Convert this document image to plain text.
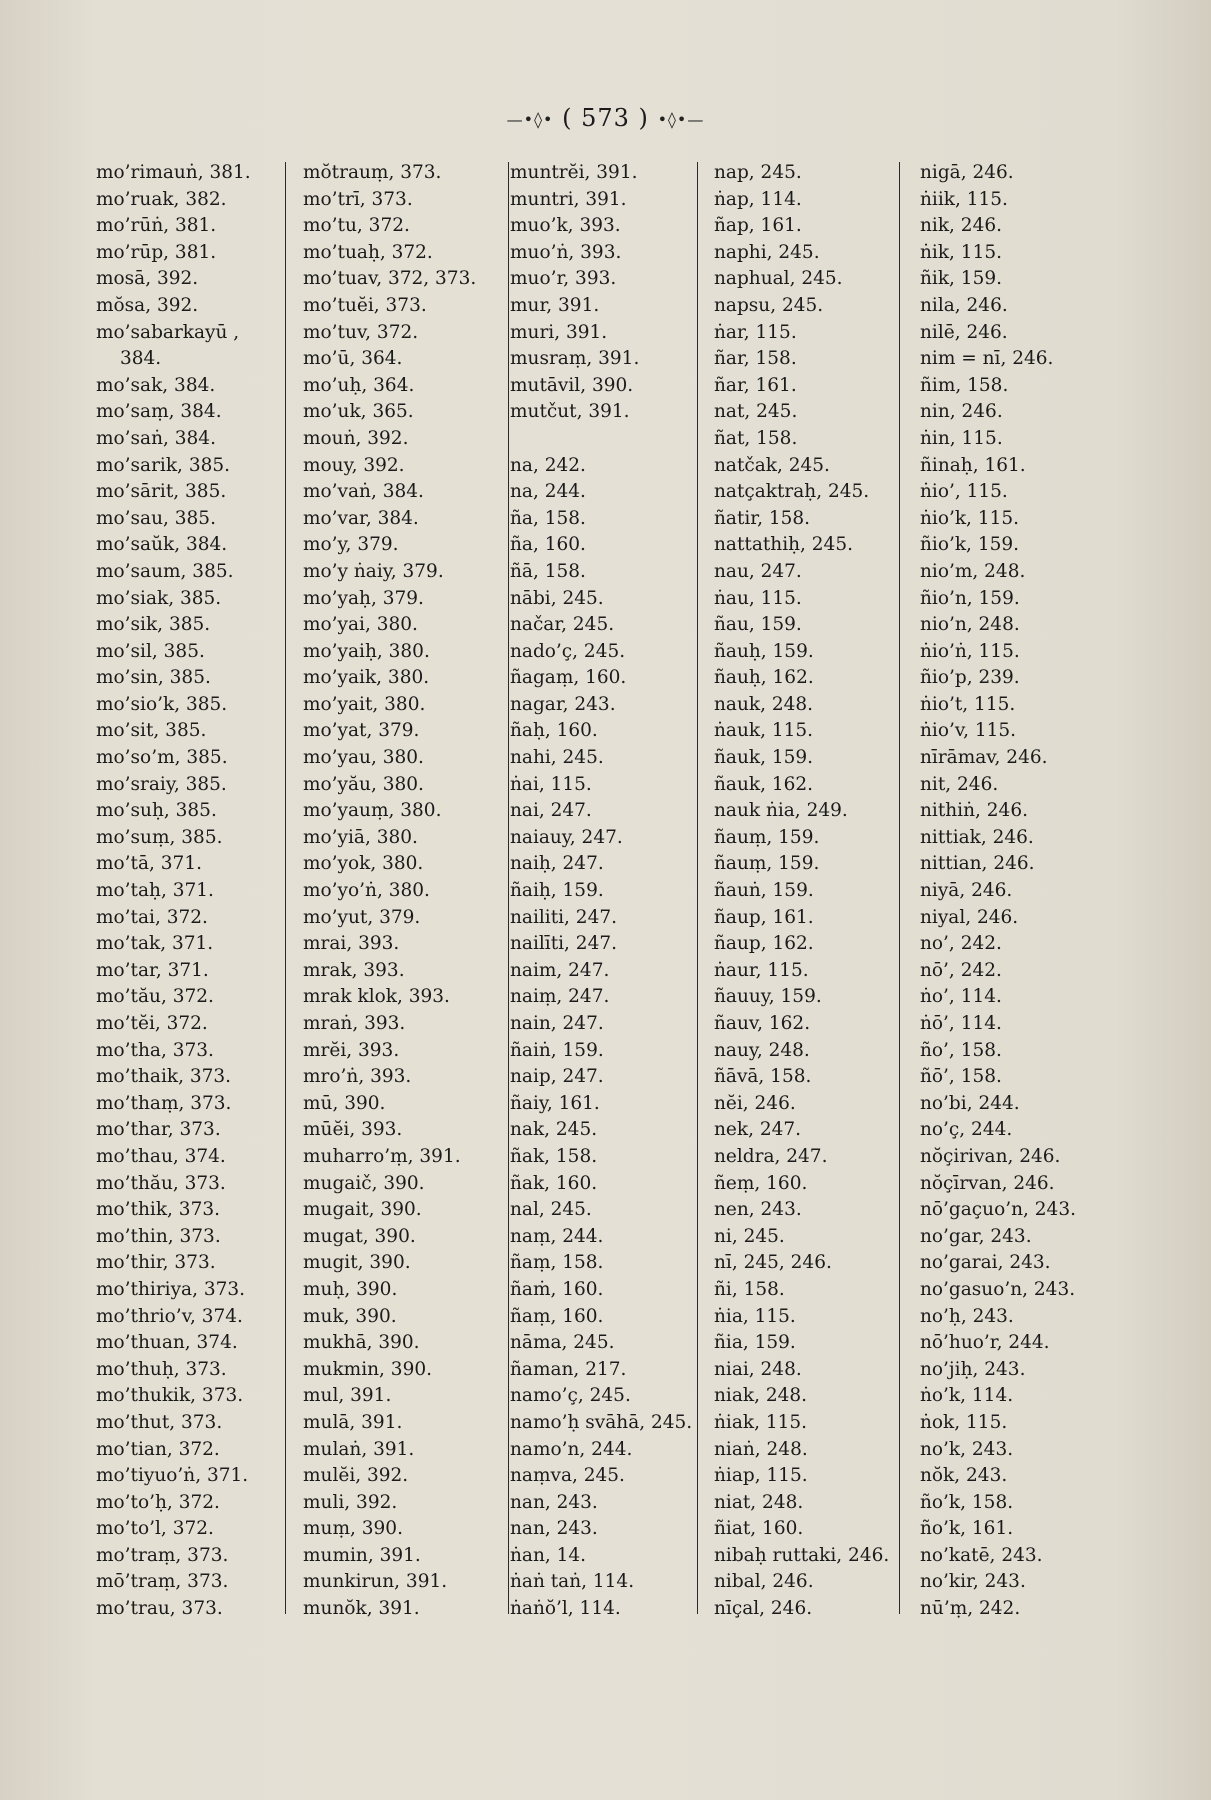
—•◊• ( 573 ) •◊•—
mo’rimauṅ, 381.
mo’ruak, 382.
mo’rūṅ, 381.
mo’rūp, 381.
mosā, 392.
mŏsa, 392.
mo’sabarkayū ,
384.
mo’sak, 384.
mo’saṃ, 384.
mo’saṅ, 384.
mo’sarik, 385.
mo’sārit, 385.
mo’sau, 385.
mo’saŭk, 384.
mo’saum, 385.
mo’siak, 385.
mo’sik, 385.
mo’sil, 385.
mo’sin, 385.
mo’sio’k, 385.
mo’sit, 385.
mo’so’m, 385.
mo’sraiy, 385.
mo’suḥ, 385.
mo’suṃ, 385.
mo’tā, 371.
mo’taḥ, 371.
mo’tai, 372.
mo’tak, 371.
mo’tar, 371.
mo’tău, 372.
mo’tĕi, 372.
mo’tha, 373.
mo’thaik, 373.
mo’thaṃ, 373.
mo’thar, 373.
mo’thau, 374.
mo’thău, 373.
mo’thik, 373.
mo’thin, 373.
mo’thir, 373.
mo’thiriya, 373.
mo’thrio’v, 374.
mo’thuan, 374.
mo’thuḥ, 373.
mo’thukik, 373.
mo’thut, 373.
mo’tian, 372.
mo’tiyuo’ṅ, 371.
mo’to’ḥ, 372.
mo’to’l, 372.
mo’traṃ, 373.
mō’traṃ, 373.
mo’trau, 373.
mŏtrauṃ, 373.
mo’trī, 373.
mo’tu, 372.
mo’tuaḥ, 372.
mo’tuav, 372, 373.
mo’tuĕi, 373.
mo’tuv, 372.
mo’ū, 364.
mo’uḥ, 364.
mo’uk, 365.
mouṅ, 392.
mouy, 392.
mo’vaṅ, 384.
mo’var, 384.
mo’y, 379.
mo’y ṅaiy, 379.
mo’yaḥ, 379.
mo’yai, 380.
mo’yaiḥ, 380.
mo’yaik, 380.
mo’yait, 380.
mo’yat, 379.
mo’yau, 380.
mo’yău, 380.
mo’yauṃ, 380.
mo’yiā, 380.
mo’yok, 380.
mo’yo’ṅ, 380.
mo’yut, 379.
mrai, 393.
mrak, 393.
mrak klok, 393.
mraṅ, 393.
mrĕi, 393.
mro’ṅ, 393.
mū, 390.
mūĕi, 393.
muharro’ṃ, 391.
mugaič, 390.
mugait, 390.
mugat, 390.
mugit, 390.
muḥ, 390.
muk, 390.
mukhā, 390.
mukmin, 390.
mul, 391.
mulā, 391.
mulaṅ, 391.
mulĕi, 392.
muli, 392.
muṃ, 390.
mumin, 391.
munkirun, 391.
munŏk, 391.
muntrĕi, 391.
muntri, 391.
muo’k, 393.
muo’ṅ, 393.
muo’r, 393.
mur, 391.
muri, 391.
musraṃ, 391.
mutāvil, 390.
mutčut, 391.
na, 242.
na, 244.
ña, 158.
ña, 160.
ñā, 158.
nābi, 245.
načar, 245.
nado’ç, 245.
ñagaṃ, 160.
nagar, 243.
ñaḥ, 160.
nahi, 245.
ṅai, 115.
nai, 247.
naiauy, 247.
naiḥ, 247.
ñaiḥ, 159.
nailiti, 247.
nailīti, 247.
naim, 247.
naiṃ, 247.
nain, 247.
ñaiṅ, 159.
naip, 247.
ñaiy, 161.
nak, 245.
ñak, 158.
ñak, 160.
nal, 245.
naṃ, 244.
ñaṃ, 158.
ñaṁ, 160.
ñaṃ, 160.
nāma, 245.
ñaman, 217.
namo’ç, 245.
namo’ḥ svāhā, 245.
namo’n, 244.
naṃva, 245.
nan, 243.
nan, 243.
ṅan, 14.
ṅaṅ taṅ, 114.
ṅaṅŏ’l, 114.
nap, 245.
ṅap, 114.
ñap, 161.
naphi, 245.
naphual, 245.
napsu, 245.
ṅar, 115.
ñar, 158.
ñar, 161.
nat, 245.
ñat, 158.
natčak, 245.
natçaktraḥ, 245.
ñatir, 158.
nattathiḥ, 245.
nau, 247.
ṅau, 115.
ñau, 159.
ñauḥ, 159.
ñauḥ, 162.
nauk, 248.
ṅauk, 115.
ñauk, 159.
ñauk, 162.
nauk ṅia, 249.
ñauṃ, 159.
ñauṃ, 159.
ñauṅ, 159.
ñaup, 161.
ñaup, 162.
ṅaur, 115.
ñauuy, 159.
ñauv, 162.
nauy, 248.
ñāvā, 158.
nĕi, 246.
nek, 247.
neldra, 247.
ñeṃ, 160.
nen, 243.
ni, 245.
nī, 245, 246.
ñi, 158.
ṅia, 115.
ñia, 159.
niai, 248.
niak, 248.
ṅiak, 115.
niaṅ, 248.
ṅiap, 115.
niat, 248.
ñiat, 160.
nibaḥ ruttaki, 246.
nibal, 246.
nīçal, 246.
nigā, 246.
ṅiik, 115.
nik, 246.
ṅik, 115.
ñik, 159.
nila, 246.
nilē, 246.
nim = nī, 246.
ñim, 158.
nin, 246.
ṅin, 115.
ñinaḥ, 161.
ṅio’, 115.
ṅio’k, 115.
ñio’k, 159.
nio’m, 248.
ñio’n, 159.
nio’n, 248.
ṅio’ṅ, 115.
ñio’p, 239.
ṅio’t, 115.
ṅio’v, 115.
nīrāmav, 246.
nit, 246.
nithiṅ, 246.
nittiak, 246.
nittian, 246.
niyā, 246.
niyal, 246.
no’, 242.
nō’, 242.
ṅo’, 114.
ṅō’, 114.
ño’, 158.
ñō’, 158.
no’bi, 244.
no’ç, 244.
nŏçirivan, 246.
nŏçīrvan, 246.
nō’gaçuo’n, 243.
no’gar, 243.
no’garai, 243.
no’gasuo’n, 243.
no’ḥ, 243.
nō’huo’r, 244.
no’jiḥ, 243.
ṅo’k, 114.
ṅok, 115.
no’k, 243.
nŏk, 243.
ño’k, 158.
ño’k, 161.
no’katē, 243.
no’kir, 243.
nū’ṃ, 242.
